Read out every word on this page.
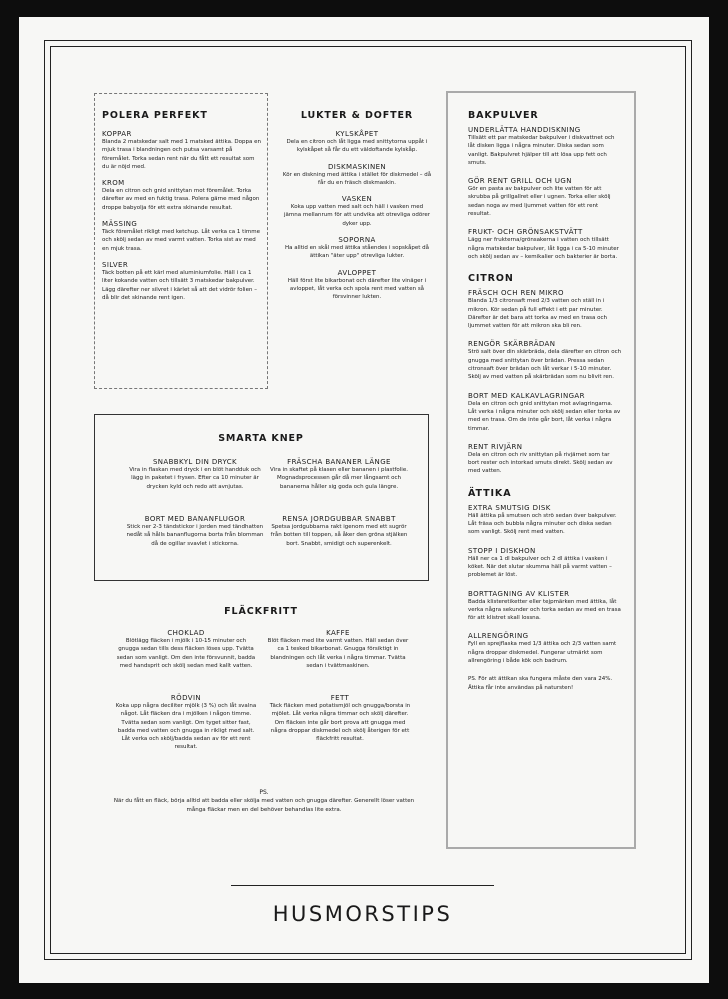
POLERA PERFEKT
KOPPAR

Blanda 2 matskedar salt med 1 matsked ättika. Doppa en mjuk trasa i blandningen och putsa varsamt på föremålet. Torka sedan rent när du fått ett resultat som du är nöjd med.

KROM

Dela en citron och gnid snittytan mot föremålet. Torka därefter av med en fuktig trasa. Polera gärne med någon droppe babyolja för ett extra skinande resultat.

MÄSSING

Täck föremålet rikligt med ketchup. Låt verka ca 1 timme och skölj sedan av med varmt vatten. Torka sist av med en mjuk trasa.

SILVER

Täck botten på ett kärl med aluminiumfolie. Häll i ca 1 liter kokande vatten och tillsätt 3 matskedar bakpulver. Lägg därefter ner silvret i kärlet så att det vidrör folien – då blir det skinande rent igen.

LUKTER & DOFTER
KYLSKÅPET

Dela en citron och låt ligga med snittytorna uppåt i kylskåpet så får du ett väldoftande kylskåp.

DISKMASKINEN

Kör en diskning med ättika i stället för diskmedel – då får du en fräsch diskmaskin.

VASKEN

Koka upp vatten med salt och häll i vasken med jämna mellanrum för att undvika att otrevliga odörer dyker upp.

SOPORNA

Ha alltid en skål med ättika ståendes i sopskåpet då ättikan "äter upp" otrevliga lukter.

AVLOPPET

Häll först lite bikarbonat och därefter lite vinäger i avloppet, låt verka och spola rent med vatten så försvinner lukten.

SMARTA KNEP
SNABBKYL DIN DRYCK

Vira in flaskan med dryck i en blöt handduk och lägg in paketet i frysen. Efter ca 10 minuter är drycken kyld och redo att avnjutas.

FRÄSCHA BANANER LÄNGE

Vira in skaftet på klasen eller bananen i plastfolie. Mognadsprocessen går då mer långsamt och bananerna håller sig goda och gula längre.

BORT MED BANANFLUGOR

Stick ner 2-3 tändstickor i jorden med tändhatten nedåt så hålls bananflugorna borta från blomman då de ogillar svavlet i stickorna.

RENSA JORDGUBBAR SNABBT

Spetsa jordgubbarna rakt igenom med ett sugrör från botten till toppen, så åker den gröna stjälken bort. Snabbt, smidigt och superenkelt.

FLÄCKFRITT
CHOKLAD

Blötlägg fläcken i mjölk i 10-15 minuter och gnugga sedan tills dess fläcken löses upp. Tvätta sedan som vanligt. Om den inte försvunnit, badda med handsprit och skölj sedan med kallt vatten.

KAFFE

Blöt fläcken med lite varmt vatten. Häll sedan över ca 1 tesked bikarbonat. Gnugga försiktigt in blandningen och låt verka i några timmar. Tvätta sedan i tvättmaskinen.

RÖDVIN

Koka upp några deciliter mjölk (3 %) och låt svalna något. Låt fläcken dra i mjölken i någon timme. Tvätta sedan som vanligt. Om tyget sitter fast, badda med vatten och gnugga in rikligt med salt. Låt verka och skölj/badda sedan av för ett rent resultat.

FETT

Täck fläcken med potatismjöl och gnugga/borsta in mjölet. Låt verka några timmar och skölj därefter. Om fläcken inte går bort prova att gnugga med några droppar diskmedel och skölj återigen för ett fläckfritt resultat.

PS.

När du fått en fläck, börja alltid att badda eller skölja med vatten och gnugga därefter. Generellt löser vatten många fläckar men en del behöver behandlas lite extra.

BAKPULVER
UNDERLÄTTA HANDDISKNING

Tillsätt ett par matskedar bakpulver i diskvattnet och låt disken ligga i några minuter. Diska sedan som vanligt. Bakpulvret hjälper till att lösa upp fett och smuts.

GÖR RENT GRILL OCH UGN

Gör en pasta av bakpulver och lite vatten för att skrubba på grillgallret eller i ugnen. Torka eller skölj sedan noga av med ljummet vatten för ett rent resultat.

FRUKT- OCH GRÖNSAKSTVÄTT

Lägg ner frukterna/grönsakerna i vatten och tillsätt några matskedar bakpulver, låt ligga i ca 5-10 minuter och skölj sedan av – kemikalier och bakterier är borta.

CITRON
FRÄSCH OCH REN MIKRO

Blanda 1/3 citronsaft med 2/3 vatten och ställ in i mikron. Kör sedan på full effekt i ett par minuter. Därefter är det bara att torka av med en trasa och ljummet vatten för att mikron ska bli ren.

RENGÖR SKÄRBRÄDAN

Strö salt över din skärbräda, dela därefter en citron och gnugga med snittytan över brädan. Pressa sedan citronsaft över brädan och låt verkar i 5-10 minuter. Skölj av med vatten på skärbrädan som nu blivit ren.

BORT MED KALKAVLAGRINGAR

Dela en citron och gnid snittytan mot avlagringarna. Låt verka i några minuter och skölj sedan eller torka av med en trasa. Om de inte går bort, låt verka i några timmar.

RENT RIVJÄRN

Dela en citron och riv snittytan på rivjärnet som tar bort rester och intorkad smuts direkt. Skölj sedan av med vatten.

ÄTTIKA
EXTRA SMUTSIG DISK

Häll ättika på smutsen och strö sedan över bakpulver. Låt fräsa och bubbla några minuter och diska sedan som vanligt. Skölj rent med vatten.

STOPP I DISKHON

Häll ner ca 1 dl bakpulver och 2 dl ättika i vasken i köket. När det slutar skumma häll på varmt vatten – problemet är löst.

BORTTAGNING AV KLISTER

Badda klisteretiketter eller tejpmärken med ättika, låt verka några sekunder och torka sedan av med en trasa för att klistret skall lossna.

ALLRENGÖRING

Fyll en sprejflaska med 1/3 ättika och 2/3 vatten samt några droppar diskmedel. Fungerar utmärkt som allrengöring i både kök och badrum.

PS. För att ättikan ska fungera måste den vara 24%. Ättika får inte användas på natursten!

HUSMORSTIPS
